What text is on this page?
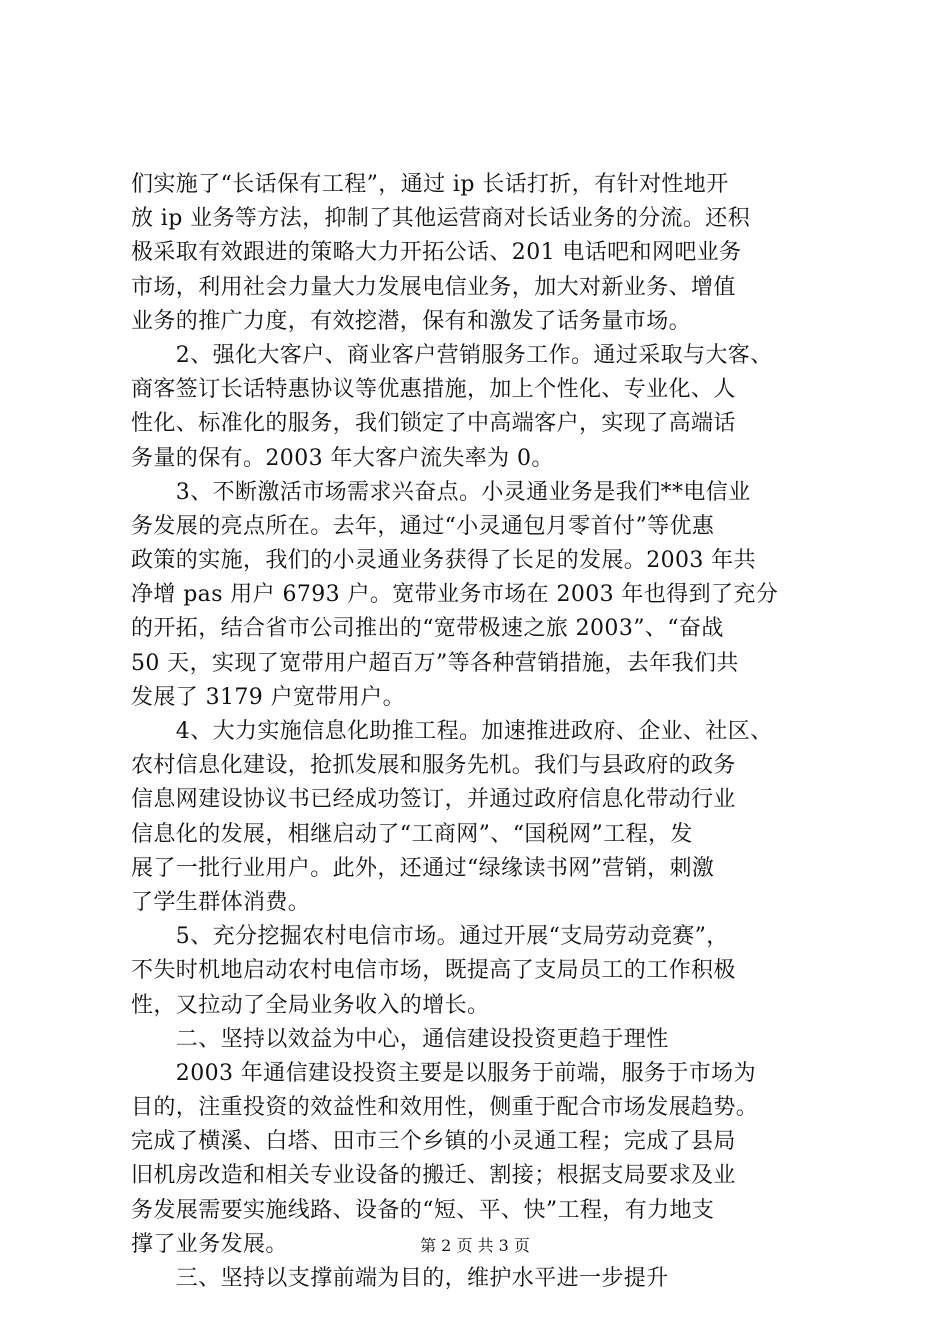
们实施了“长话保有工程”，通过 ip 长话打折，有针对性地开
放 ip 业务等方法，抑制了其他运营商对长话业务的分流。还积
极采取有效跟进的策略大力开拓公话、201 电话吧和网吧业务
市场，利用社会力量大力发展电信业务，加大对新业务、增值
业务的推广力度，有效挖潜，保有和激发了话务量市场。
　　2、强化大客户、商业客户营销服务工作。通过采取与大客、
商客签订长话特惠协议等优惠措施，加上个性化、专业化、人
性化、标准化的服务，我们锁定了中高端客户，实现了高端话
务量的保有。2003 年大客户流失率为 0。
　　3、不断激活市场需求兴奋点。小灵通业务是我们**电信业
务发展的亮点所在。去年，通过“小灵通包月零首付”等优惠
政策的实施，我们的小灵通业务获得了长足的发展。2003 年共
净增 pas 用户 6793 户。宽带业务市场在 2003 年也得到了充分
的开拓，结合省市公司推出的“宽带极速之旅 2003”、“奋战
50 天，实现了宽带用户超百万”等各种营销措施，去年我们共
发展了 3179 户宽带用户。
　　4、大力实施信息化助推工程。加速推进政府、企业、社区、
农村信息化建设，抢抓发展和服务先机。我们与县政府的政务
信息网建设协议书已经成功签订，并通过政府信息化带动行业
信息化的发展，相继启动了“工商网”、“国税网”工程，发
展了一批行业用户。此外，还通过“绿缘读书网”营销，刺激
了学生群体消费。
　　5、充分挖掘农村电信市场。通过开展“支局劳动竞赛”，
不失时机地启动农村电信市场，既提高了支局员工的工作积极
性，又拉动了全局业务收入的增长。
　　二、坚持以效益为中心，通信建设投资更趋于理性
　　2003 年通信建设投资主要是以服务于前端，服务于市场为
目的，注重投资的效益性和效用性，侧重于配合市场发展趋势。
完成了横溪、白塔、田市三个乡镇的小灵通工程；完成了县局
旧机房改造和相关专业设备的搬迁、割接；根据支局要求及业
务发展需要实施线路、设备的“短、平、快”工程，有力地支
撑了业务发展。
　　三、坚持以支撑前端为目的，维护水平进一步提升
第 2 页 共 3 页
